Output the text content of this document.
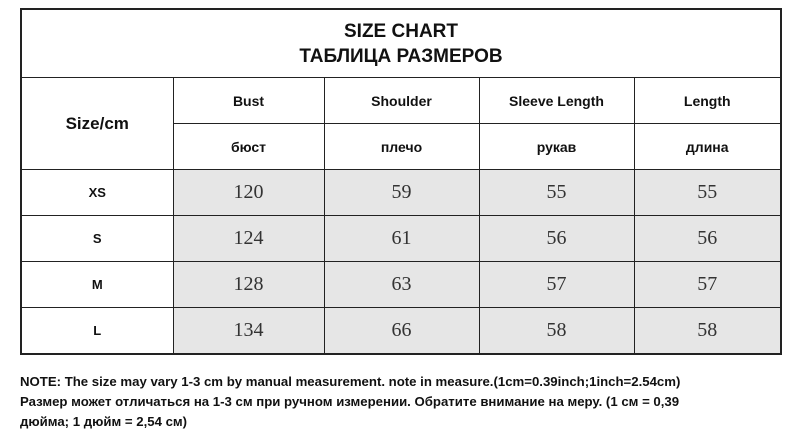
SIZE CHART
ТАБЛИЦА РАЗМЕРОВ
Size/cm	Bust	Shoulder	Sleeve Length	Length
	бюст	плечо	рукав	длина
XS	120	59	55	55
S	124	61	56	56
M	128	63	57	57
L	134	66	58	58
NOTE: The size may vary 1-3 cm by manual measurement. note in measure.(1cm=0.39inch;1inch=2.54cm)
Размер может отличаться на 1-3 см при ручном измерении. Обратите внимание на меру. (1 см = 0,39
дюйма; 1 дюйм = 2,54 см)
